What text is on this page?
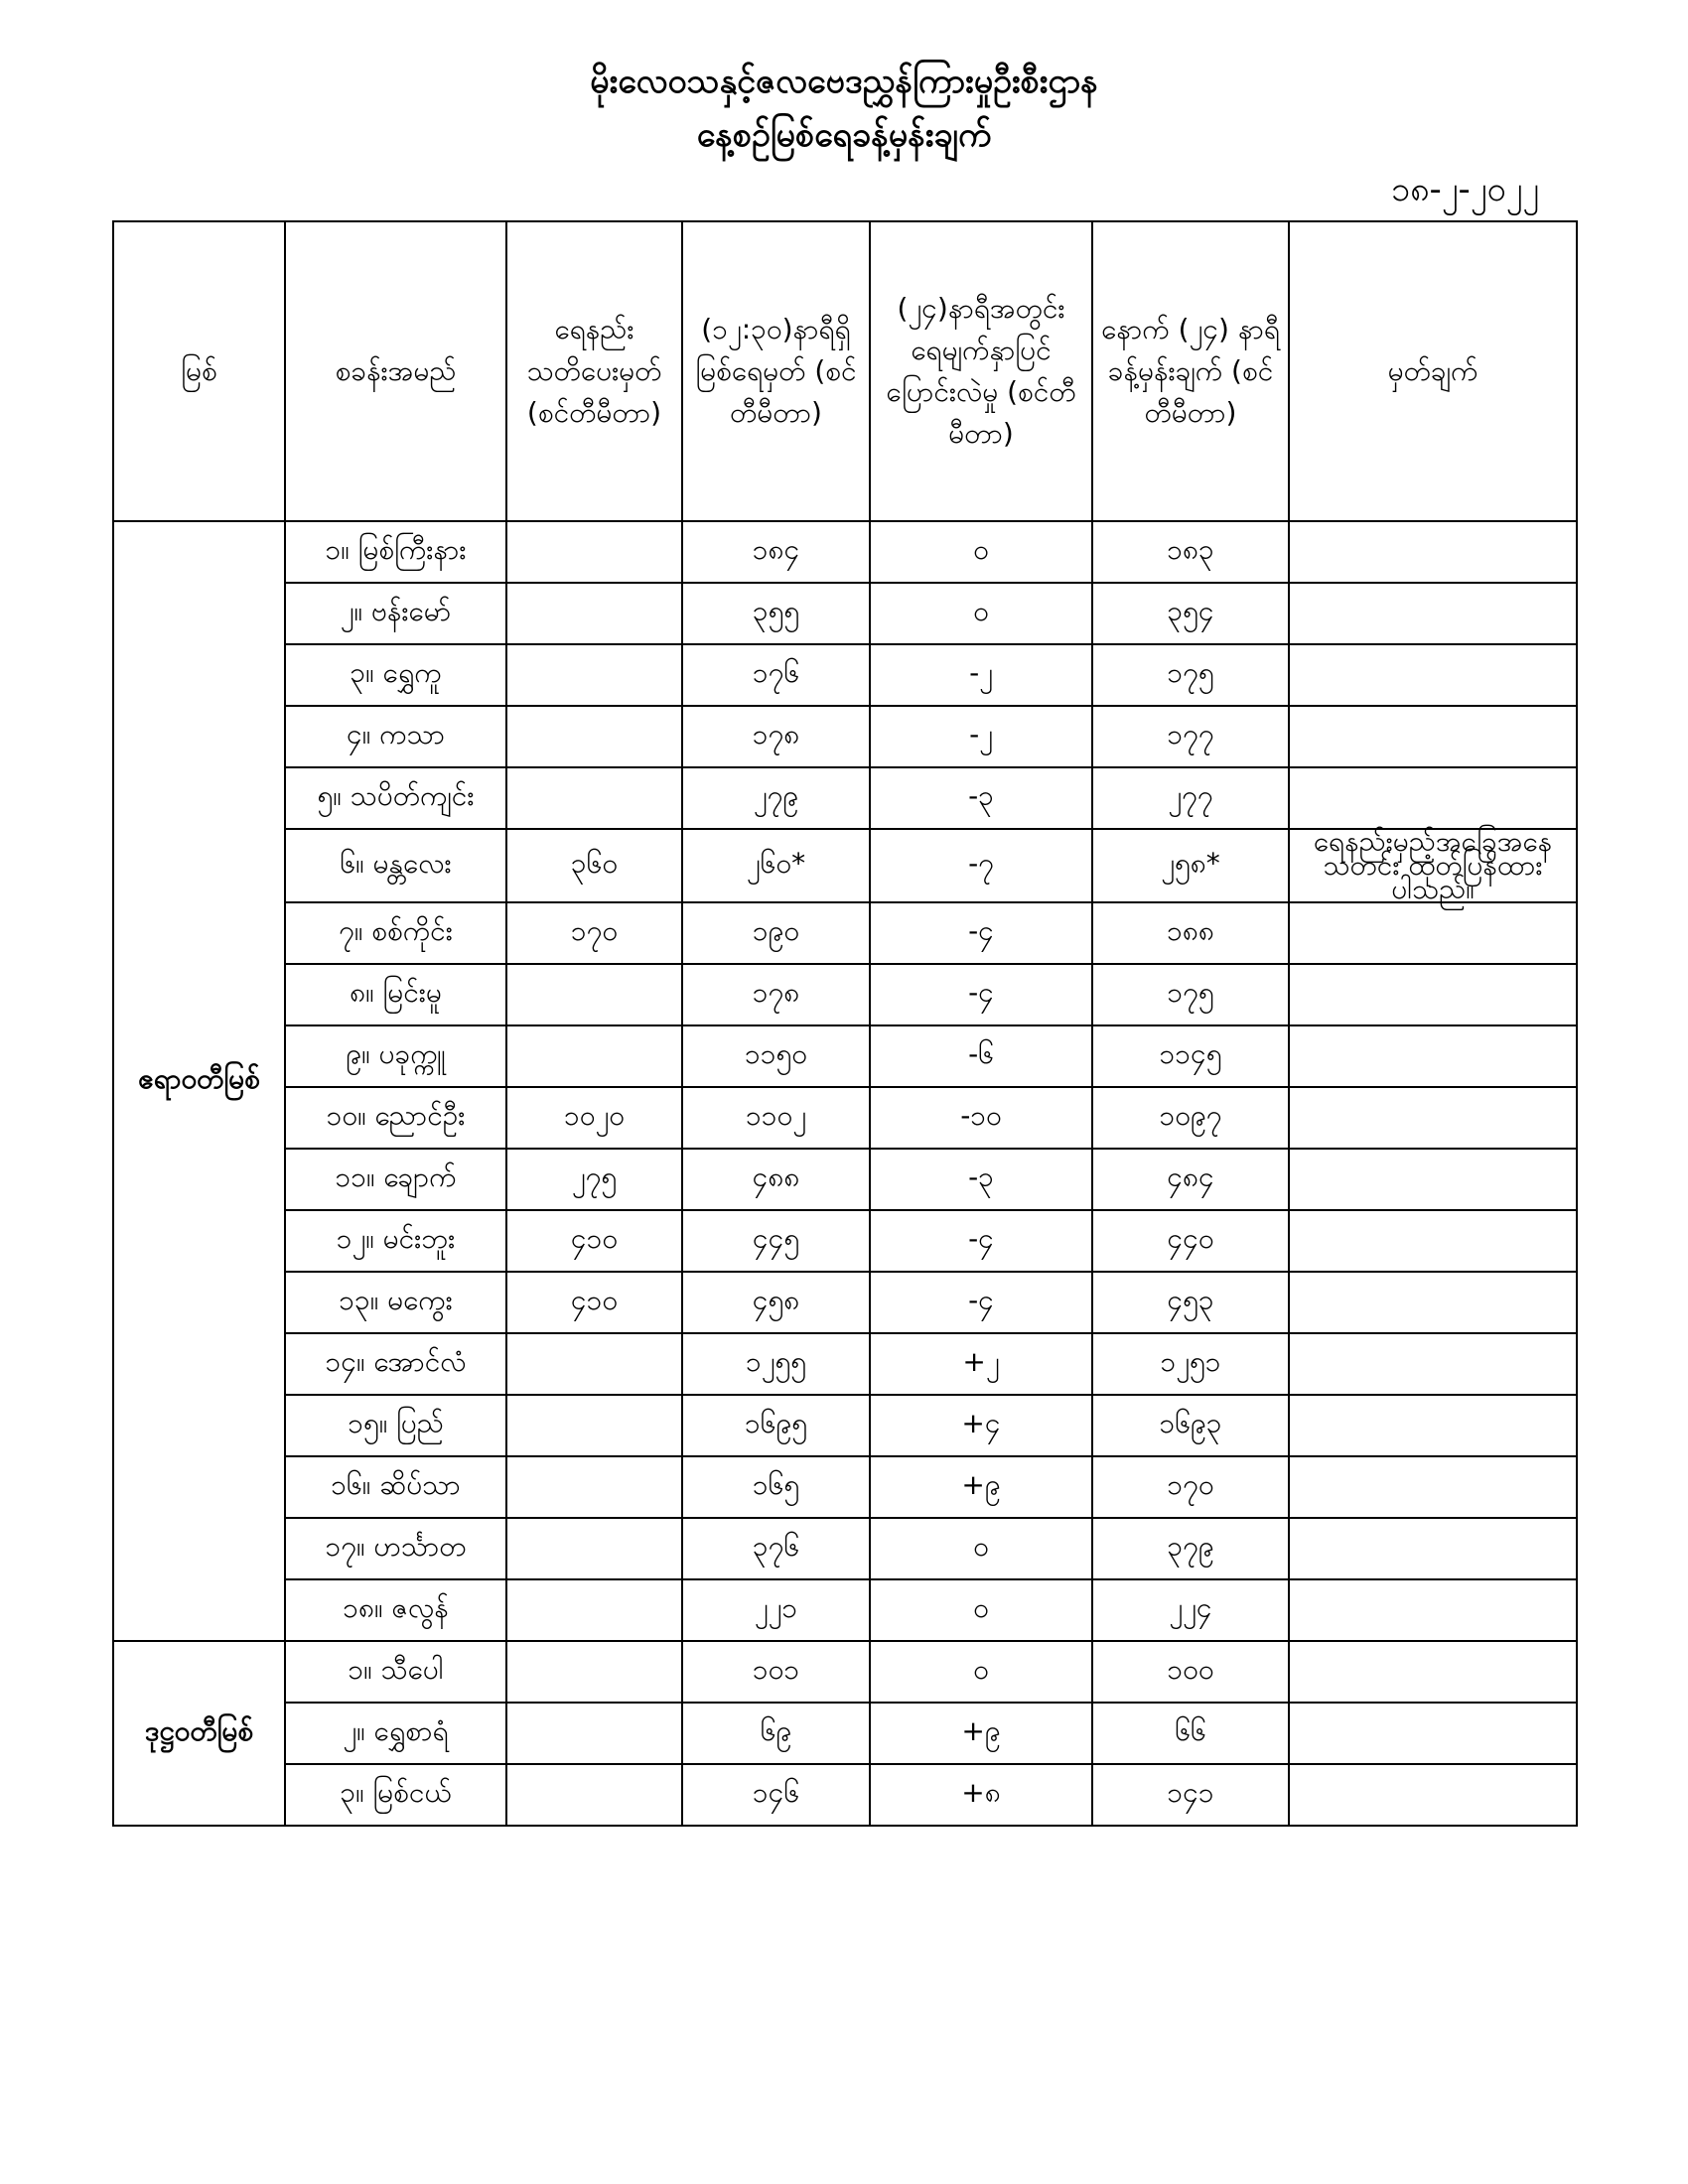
မိုးလေဝသနှင့်ဇလဗေဒညွှန်ကြားမှုဦးစီးဌာန
နေ့စဉ်မြစ်ရေခန့်မှန်းချက်
၁၈-၂-၂၀၂၂
မြစ်	စခန်းအမည်	ရေနည်း သတိပေးမှတ် (စင်တီမီတာ)	(၁၂:၃၀)နာရီရှိ မြစ်ရေမှတ် (စင်တီမီတာ)	(၂၄)နာရီအတွင်း ရေမျက်နှာပြင် ပြောင်းလဲမှု (စင်တီမီတာ)	နောက် (၂၄) နာရီ ခန့်မှန်းချက် (စင်တီမီတာ)	မှတ်ချက်
ဧရာဝတီမြစ်	၁။ မြစ်ကြီးနား		၁၈၄	၀	၁၈၃	
	၂။ ဗန်းမော်		၃၅၅	၀	၃၅၄	
	၃။ ရွှေကူ		၁၇၆	-၂	၁၇၅	
	၄။ ကသာ		၁၇၈	-၂	၁၇၇	
	၅။ သပိတ်ကျင်း		၂၇၉	-၃	၂၇၇	
	၆။ မန္တလေး	၃၆၀	၂၆၀*	-၇	၂၅၈*	ရေနည်းမှည့်အခြေအနေသတင်း ထုတ်ပြန်ထားပါသည်။
	၇။ စစ်ကိုင်း	၁၇၀	၁၉၀	-၄	၁၈၈	
	၈။ မြင်းမူ		၁၇၈	-၄	၁၇၅	
	၉။ ပခုက္ကူ		၁၁၅၀	-၆	၁၁၄၅	
	၁၀။ ညောင်ဦး	၁၀၂၀	၁၁၀၂	-၁၀	၁၀၉၇	
	၁၁။ ချောက်	၂၇၅	၄၈၈	-၃	၄၈၄	
	၁၂။ မင်းဘူး	၄၁၀	၄၄၅	-၄	၄၄၀	
	၁၃။ မကွေး	၄၁၀	၄၅၈	-၄	၄၅၃	
	၁၄။ အောင်လံ		၁၂၅၅	+၂	၁၂၅၁	
	၁၅။ ပြည်		၁၆၉၅	+၄	၁၆၉၃	
	၁၆။ ဆိပ်သာ		၁၆၅	+၉	၁၇၀	
	၁၇။ ဟင်္သာတ		၃၇၆	၀	၃၇၉	
	၁၈။ ဇလွန်		၂၂၁	၀	၂၂၄	
ဒုဋ္ဌဝတီမြစ်	၁။ သီပေါ		၁၀၁	၀	၁၀၀	
	၂။ ရွှေစာရံ		၆၉	+၉	၆၆	
	၃။ မြစ်ငယ်		၁၄၆	+၈	၁၄၁	
